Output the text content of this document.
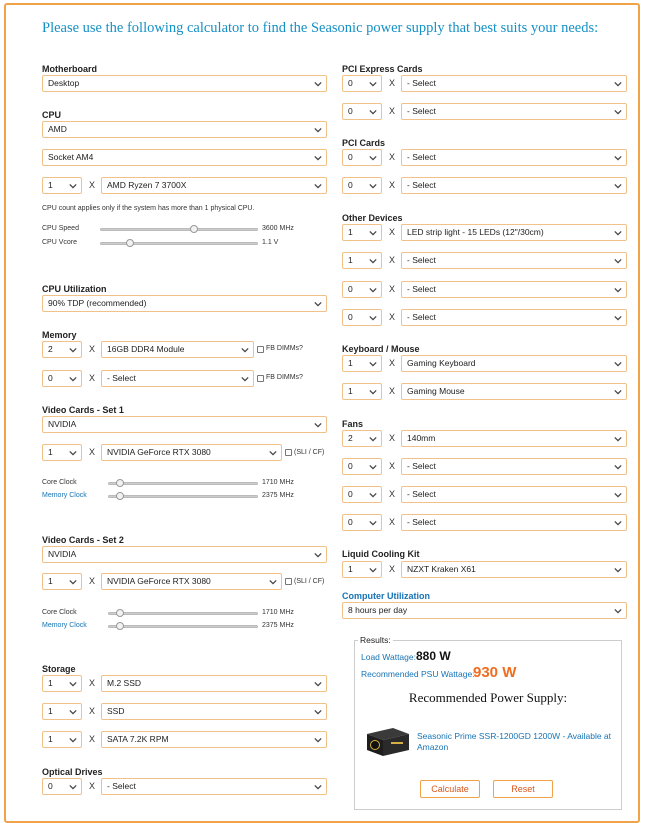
Please use the following calculator to find the Seasonic power supply that best suits your needs:
Motherboard
Desktop
CPU
AMD
Socket AM4
1	X	AMD Ryzen 7 3700X
CPU count applies only if the system has more than 1 physical CPU.
CPU Speed	3600 MHz
CPU Vcore	1.1 V
CPU Utilization
90% TDP (recommended)
Memory
2	X	16GB DDR4 Module	FB DIMMs?
0	X	- Select	FB DIMMs?
Video Cards - Set 1
NVIDIA
1	X	NVIDIA GeForce RTX 3080	(SLI / CF)
Core Clock	1710 MHz
Memory Clock	2375 MHz
Video Cards - Set 2
NVIDIA
1	X	NVIDIA GeForce RTX 3080	(SLI / CF)
Core Clock	1710 MHz
Memory Clock	2375 MHz
Storage
1	X	M.2 SSD
1	X	SSD
1	X	SATA 7.2K RPM
Optical Drives
0	X	- Select
PCI Express Cards
0	X	- Select
0	X	- Select
PCI Cards
0	X	- Select
0	X	- Select
Other Devices
1	X	LED strip light - 15 LEDs (12"/30cm)
1	X	- Select
0	X	- Select
0	X	- Select
Keyboard / Mouse
1	X	Gaming Keyboard
1	X	Gaming Mouse
Fans
2	X	140mm
0	X	- Select
0	X	- Select
0	X	- Select
Liquid Cooling Kit
1	X	NZXT Kraken X61
Computer Utilization
8 hours per day
Results:
Load Wattage: 880 W
Recommended PSU Wattage:
930 W
Recommended Power Supply:
Seasonic Prime SSR-1200GD 1200W - Available at Amazon
Calculate	Reset
